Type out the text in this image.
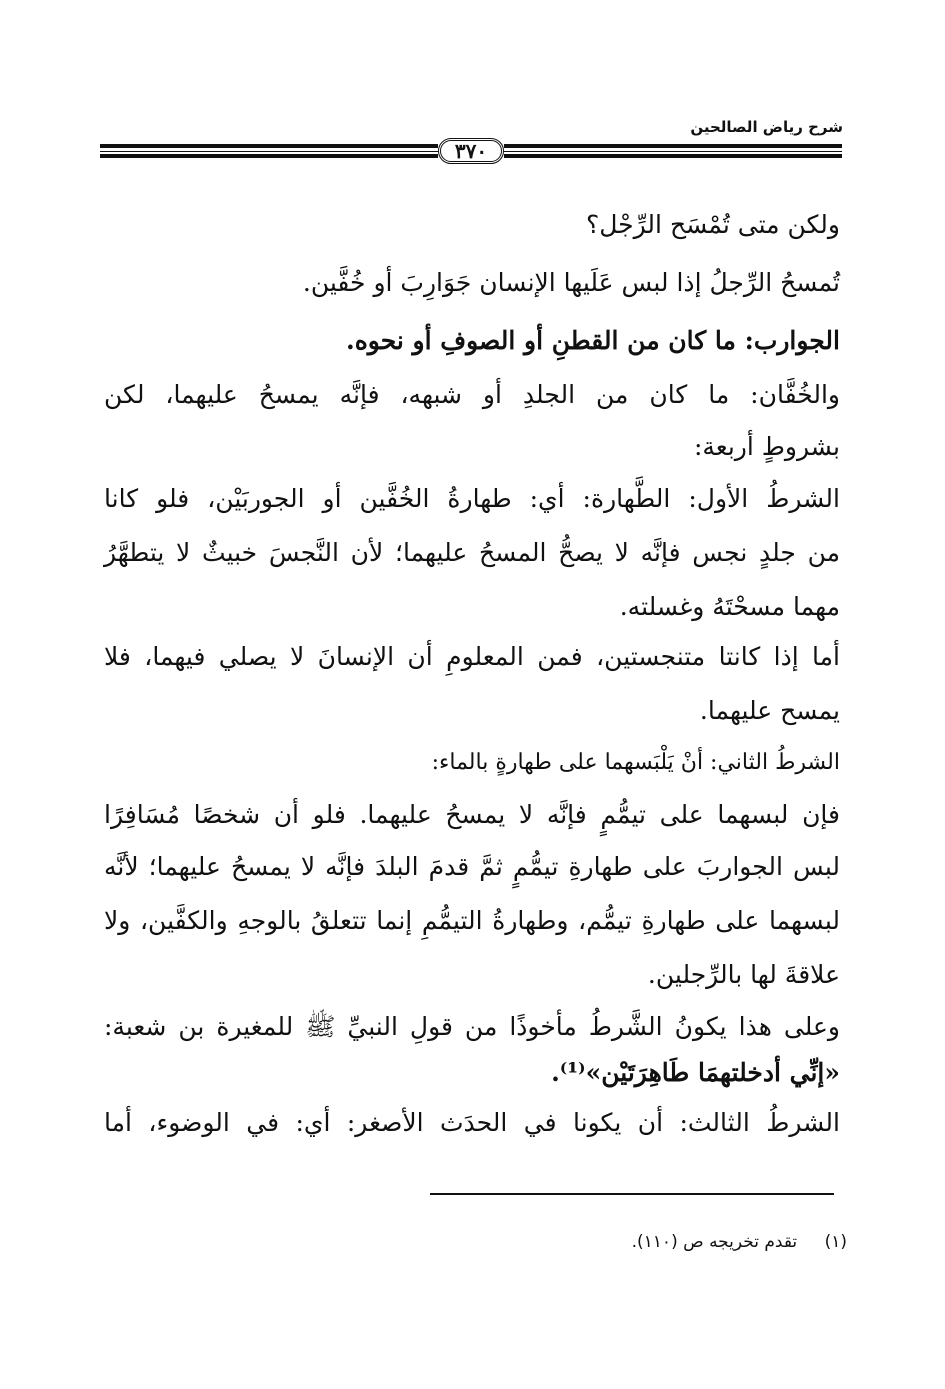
شرح رياض الصالحين
٣٧٠
ولكن متى تُمْسَح الرِّجْل؟
تُمسحُ الرِّجلُ إذا لبس عَلَيها الإنسان جَوَارِبَ أو خُفَّين.
الجوارب: ما كان من القطنِ أو الصوفِ أو نحوه.
والخُفَّان: ما كان من الجلدِ أو شبهه، فإنَّه يمسحُ عليهما، لكن
بشروطٍ أربعة:
الشرطُ الأول: الطَّهارة: أي: طهارةُ الخُفَّين أو الجوربَيْن، فلو كانا
من جلدٍ نجس فإنَّه لا يصحُّ المسحُ عليهما؛ لأن النَّجسَ خبيثٌ لا يتطهَّرُ
مهما مسحْتَهُ وغسلته.
أما إذا كانتا متنجستين، فمن المعلومِ أن الإنسانَ لا يصلي فيهما، فلا
يمسح عليهما.
الشرطُ الثاني: أنْ يَلْبَسهما على طهارةٍ بالماء:
فإن لبسهما على تيمُّمٍ فإنَّه لا يمسحُ عليهما. فلو أن شخصًا مُسَافِرًا
لبس الجواربَ على طهارةِ تيمُّمٍ ثمَّ قدمَ البلدَ فإنَّه لا يمسحُ عليهما؛ لأنَّه
لبسهما على طهارةِ تيمُّم، وطهارةُ التيمُّمِ إنما تتعلقُ بالوجهِ والكفَّين، ولا
علاقةَ لها بالرِّجلين.
وعلى هذا يكونُ الشَّرطُ مأخوذًا من قولِ النبيِّ ﷺ للمغيرة بن شعبة:
«إنِّي أدخلتهمَا طَاهِرَتَيْن»⁽¹⁾.
الشرطُ الثالث: أن يكونا في الحدَث الأصغر: أي: في الوضوء، أما
(١) تقدم تخريجه ص (١١٠).
